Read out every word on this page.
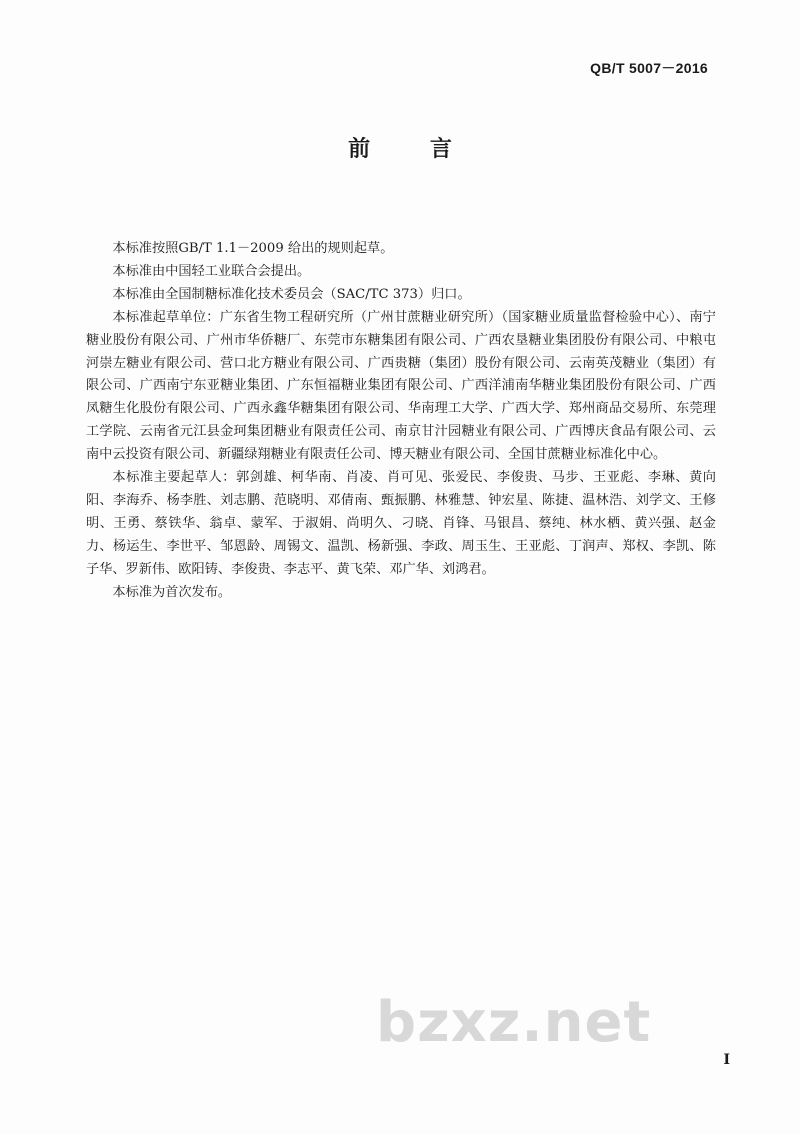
QB/T 5007－2016
前 言

本标准按照GB/T 1.1－2009 给出的规则起草。

本标准由中国轻工业联合会提出。

本标准由全国制糖标准化技术委员会（SAC/TC 373）归口。

本标准起草单位：广东省生物工程研究所（广州甘蔗糖业研究所）（国家糖业质量监督检验中心）、南宁糖业股份有限公司、广州市华侨糖厂、东莞市东糖集团有限公司、广西农垦糖业集团股份有限公司、中粮屯河崇左糖业有限公司、营口北方糖业有限公司、广西贵糖（集团）股份有限公司、云南英茂糖业（集团）有限公司、广西南宁东亚糖业集团、广东恒福糖业集团有限公司、广西洋浦南华糖业集团股份有限公司、广西凤糖生化股份有限公司、广西永鑫华糖集团有限公司、华南理工大学、广西大学、郑州商品交易所、东莞理工学院、云南省元江县金珂集团糖业有限责任公司、南京甘汁园糖业有限公司、广西博庆食品有限公司、云南中云投资有限公司、新疆绿翔糖业有限责任公司、博天糖业有限公司、全国甘蔗糖业标准化中心。

本标准主要起草人：郭剑雄、柯华南、肖凌、肖可见、张爱民、李俊贵、马步、王亚彪、李琳、黄向阳、李海乔、杨李胜、刘志鹏、范晓明、邓倩南、甄振鹏、林雅慧、钟宏星、陈捷、温林浩、刘学文、王修明、王勇、蔡铁华、翁卓、蒙军、于淑娟、尚明久、刁晓、肖锋、马银昌、蔡纯、林水栖、黄兴强、赵金力、杨运生、李世平、邹恩龄、周锡文、温凯、杨新强、李政、周玉生、王亚彪、丁润声、郑权、李凯、陈子华、罗新伟、欧阳铸、李俊贵、李志平、黄飞荣、邓广华、刘鸿君。

本标准为首次发布。

bzxz.net
I
